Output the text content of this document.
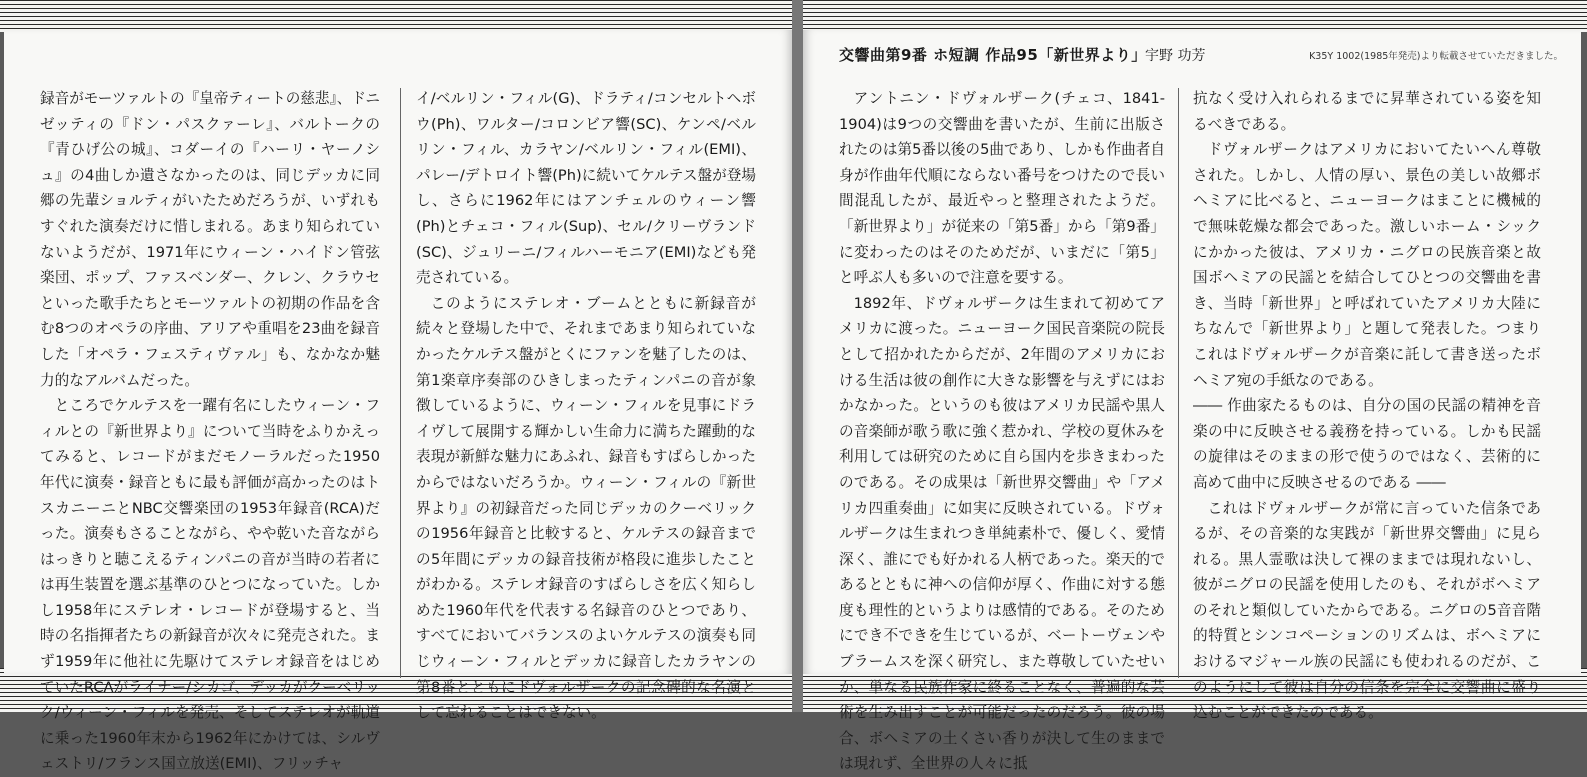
録音がモーツァルトの『皇帝ティートの慈悲』、ドニゼッティの『ドン・パスクァーレ』、バルトークの『青ひげ公の城』、コダーイの『ハーリ・ヤーノシュ』の4曲しか遺さなかったのは、同じデッカに同郷の先輩ショルティがいたためだろうが、いずれもすぐれた演奏だけに惜しまれる。あまり知られていないようだが、1971年にウィーン・ハイドン管弦楽団、ポップ、ファスベンダー、クレン、クラウセといった歌手たちとモーツァルトの初期の作品を含む8つのオペラの序曲、アリアや重唱を23曲を録音した「オペラ・フェスティヴァル」も、なかなか魅力的なアルバムだった。

ところでケルテスを一躍有名にしたウィーン・フィルとの『新世界より』について当時をふりかえってみると、レコードがまだモノーラルだった1950年代に演奏・録音ともに最も評価が高かったのはトスカニーニとNBC交響楽団の1953年録音(RCA)だった。演奏もさることながら、やや乾いた音ながらはっきりと聴こえるティンパニの音が当時の若者には再生装置を選ぶ基準のひとつになっていた。しかし1958年にステレオ・レコードが登場すると、当時の名指揮者たちの新録音が次々に発売された。まず1959年に他社に先駆けてステレオ録音をはじめていたRCAがライナー/シカゴ、デッカがクーベリック/ウィーン・フィルを発売、そしてステレオが軌道に乗った1960年末から1962年にかけては、シルヴェストリ/フランス国立放送(EMI)、フリッチャ

イ/ベルリン・フィル(G)、ドラティ/コンセルトヘボウ(Ph)、ワルター/コロンビア響(SC)、ケンペ/ベルリン・フィル、カラヤン/ベルリン・フィル(EMI)、パレー/デトロイト響(Ph)に続いてケルテス盤が登場し、さらに1962年にはアンチェルのウィーン響(Ph)とチェコ・フィル(Sup)、セル/クリーヴランド(SC)、ジュリーニ/フィルハーモニア(EMI)なども発売されている。

このようにステレオ・ブームとともに新録音が続々と登場した中で、それまであまり知られていなかったケルテス盤がとくにファンを魅了したのは、第1楽章序奏部のひきしまったティンパニの音が象徴しているように、ウィーン・フィルを見事にドライヴして展開する輝かしい生命力に満ちた躍動的な表現が新鮮な魅力にあふれ、録音もすばらしかったからではないだろうか。ウィーン・フィルの『新世界より』の初録音だった同じデッカのクーベリックの1956年録音と比較すると、ケルテスの録音までの5年間にデッカの録音技術が格段に進歩したことがわかる。ステレオ録音のすばらしさを広く知らしめた1960年代を代表する名録音のひとつであり、すべてにおいてバランスのよいケルテスの演奏も同じウィーン・フィルとデッカに録音したカラヤンの第8番とともにドヴォルザークの記念碑的な名演として忘れることはできない。

交響曲第9番 ホ短調 作品95「新世界より」
宇野 功芳	K35Y 1002(1985年発売)より転載させていただきました。

アントニン・ドヴォルザーク(チェコ、1841-1904)は9つの交響曲を書いたが、生前に出版されたのは第5番以後の5曲であり、しかも作曲者自身が作曲年代順にならない番号をつけたので長い間混乱したが、最近やっと整理されたようだ。「新世界より」が従来の「第5番」から「第9番」に変わったのはそのためだが、いまだに「第5」と呼ぶ人も多いので注意を要する。

1892年、ドヴォルザークは生まれて初めてアメリカに渡った。ニューヨーク国民音楽院の院長として招かれたからだが、2年間のアメリカにおける生活は彼の創作に大きな影響を与えずにはおかなかった。というのも彼はアメリカ民謡や黒人の音楽師が歌う歌に強く惹かれ、学校の夏休みを利用しては研究のために自ら国内を歩きまわったのである。その成果は「新世界交響曲」や「アメリカ四重奏曲」に如実に反映されている。ドヴォルザークは生まれつき単純素朴で、優しく、愛情深く、誰にでも好かれる人柄であった。楽天的であるとともに神への信仰が厚く、作曲に対する態度も理性的というよりは感情的である。そのためにでき不できを生じているが、ベートーヴェンやブラームスを深く研究し、また尊敬していたせいか、単なる民族作家に終ることなく、普遍的な芸術を生み出すことが可能だったのだろう。彼の場合、ボヘミアの土くさい香りが決して生のままでは現れず、全世界の人々に抵

抗なく受け入れられるまでに昇華されている姿を知るべきである。

ドヴォルザークはアメリカにおいてたいへん尊敬された。しかし、人情の厚い、景色の美しい故郷ボヘミアに比べると、ニューヨークはまことに機械的で無味乾燥な都会であった。激しいホーム・シックにかかった彼は、アメリカ・ニグロの民族音楽と故国ボヘミアの民謡とを結合してひとつの交響曲を書き、当時「新世界」と呼ばれていたアメリカ大陸にちなんで「新世界より」と題して発表した。つまりこれはドヴォルザークが音楽に託して書き送ったボヘミア宛の手紙なのである。

―― 作曲家たるものは、自分の国の民謡の精神を音楽の中に反映させる義務を持っている。しかも民謡の旋律はそのままの形で使うのではなく、芸術的に高めて曲中に反映させるのである ――

これはドヴォルザークが常に言っていた信条であるが、その音楽的な実践が「新世界交響曲」に見られる。黒人霊歌は決して裸のままでは現れないし、彼がニグロの民謡を使用したのも、それがボヘミアのそれと類似していたからである。ニグロの5音音階的特質とシンコペーションのリズムは、ボヘミアにおけるマジャール族の民謡にも使われるのだが、このようにして彼は自分の信条を完全に交響曲に盛り込むことができたのである。
